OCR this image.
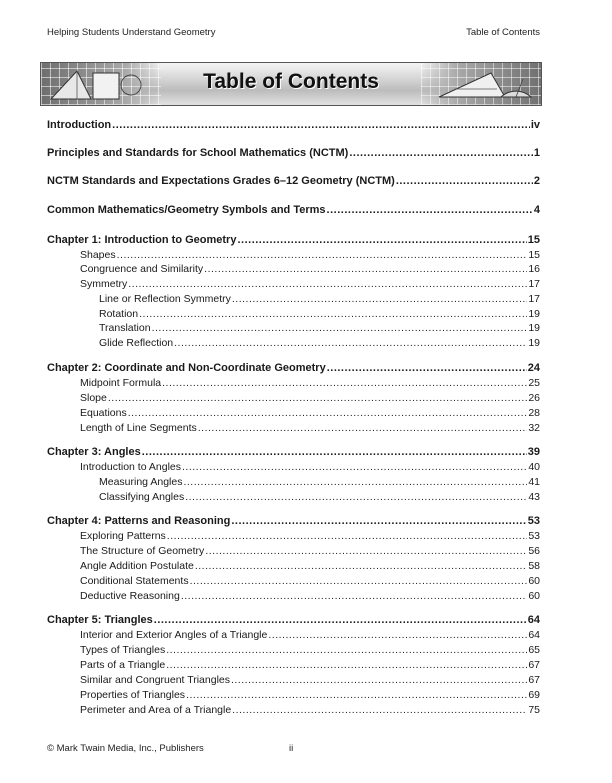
Helping Students Understand Geometry	Table of Contents
Table of Contents
Introduction .....	iv
Principles and Standards for School Mathematics (NCTM) .....	1
NCTM Standards and Expectations Grades 6–12 Geometry (NCTM) .....	2
Common Mathematics/Geometry Symbols and Terms .....	4
Chapter 1: Introduction to Geometry .....	15
Shapes .....	15
Congruence and Similarity .....	16
Symmetry .....	17
Line or Reflection Symmetry .....	17
Rotation .....	19
Translation .....	19
Glide Reflection .....	19
Chapter 2: Coordinate and Non-Coordinate Geometry .....	24
Midpoint Formula .....	25
Slope .....	26
Equations .....	28
Length of Line Segments .....	32
Chapter 3: Angles .....	39
Introduction to Angles .....	40
Measuring Angles .....	41
Classifying Angles .....	43
Chapter 4: Patterns and Reasoning .....	53
Exploring Patterns .....	53
The Structure of Geometry .....	56
Angle Addition Postulate .....	58
Conditional Statements .....	60
Deductive Reasoning .....	60
Chapter 5: Triangles .....	64
Interior and Exterior Angles of a Triangle .....	64
Types of Triangles .....	65
Parts of a Triangle .....	67
Similar and Congruent Triangles .....	67
Properties of Triangles .....	69
Perimeter and Area of a Triangle .....	75
© Mark Twain Media, Inc., Publishers	ii
